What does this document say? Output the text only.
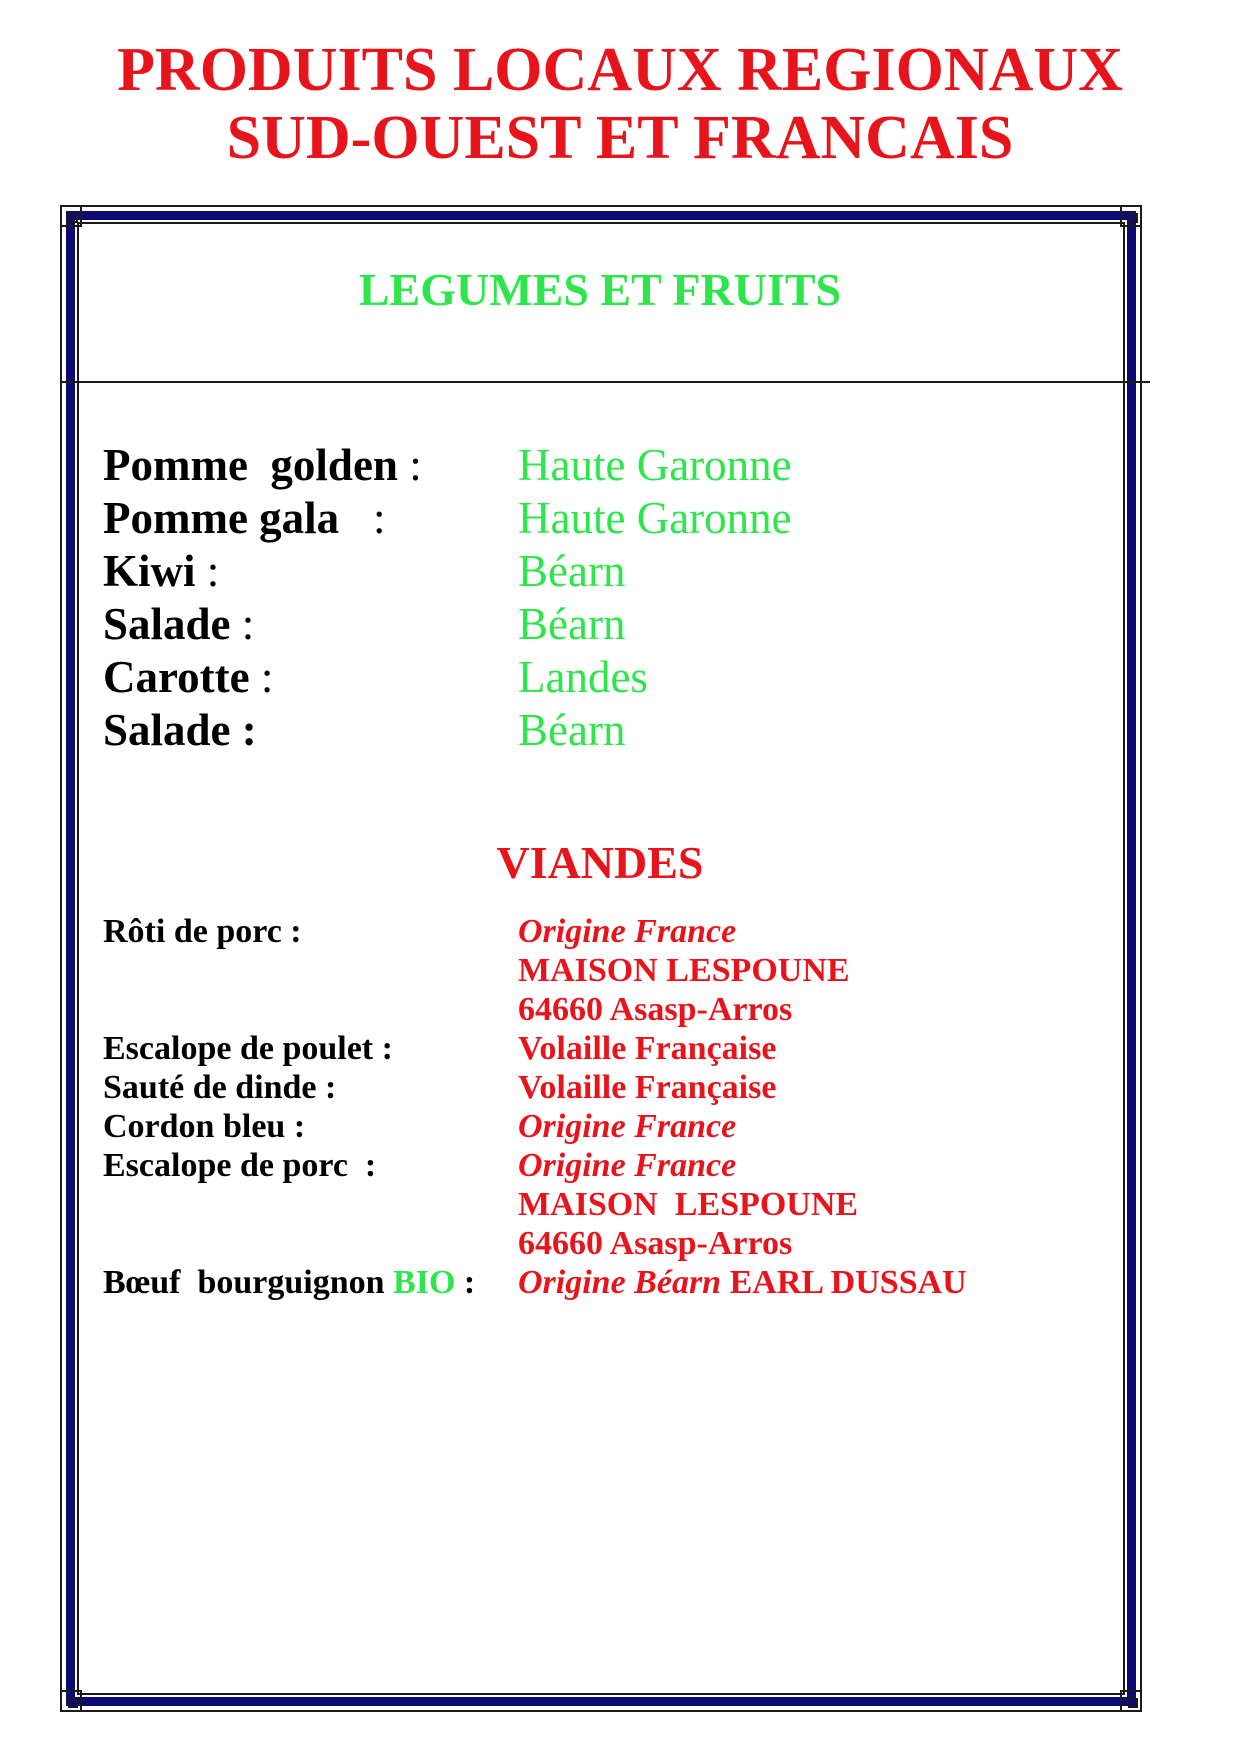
PRODUITS LOCAUX REGIONAUX
SUD-OUEST ET FRANCAIS
LEGUMES ET FRUITS
Pomme  golden : Haute Garonne
Pomme gala   :	Haute Garonne
Kiwi :	Béarn
Salade :	Béarn
Carotte :	Landes
Salade :	Béarn
VIANDES
Rôti de porc :	Origine France
MAISON LESPOUNE
64660 Asasp-Arros
Escalope de poulet :	Volaille Française
Sauté de dinde :	Volaille Française
Cordon bleu :	Origine France
Escalope de porc  :	Origine France
MAISON  LESPOUNE
64660 Asasp-Arros
Bœuf  bourguignon BIO : Origine Béarn EARL DUSSAU
